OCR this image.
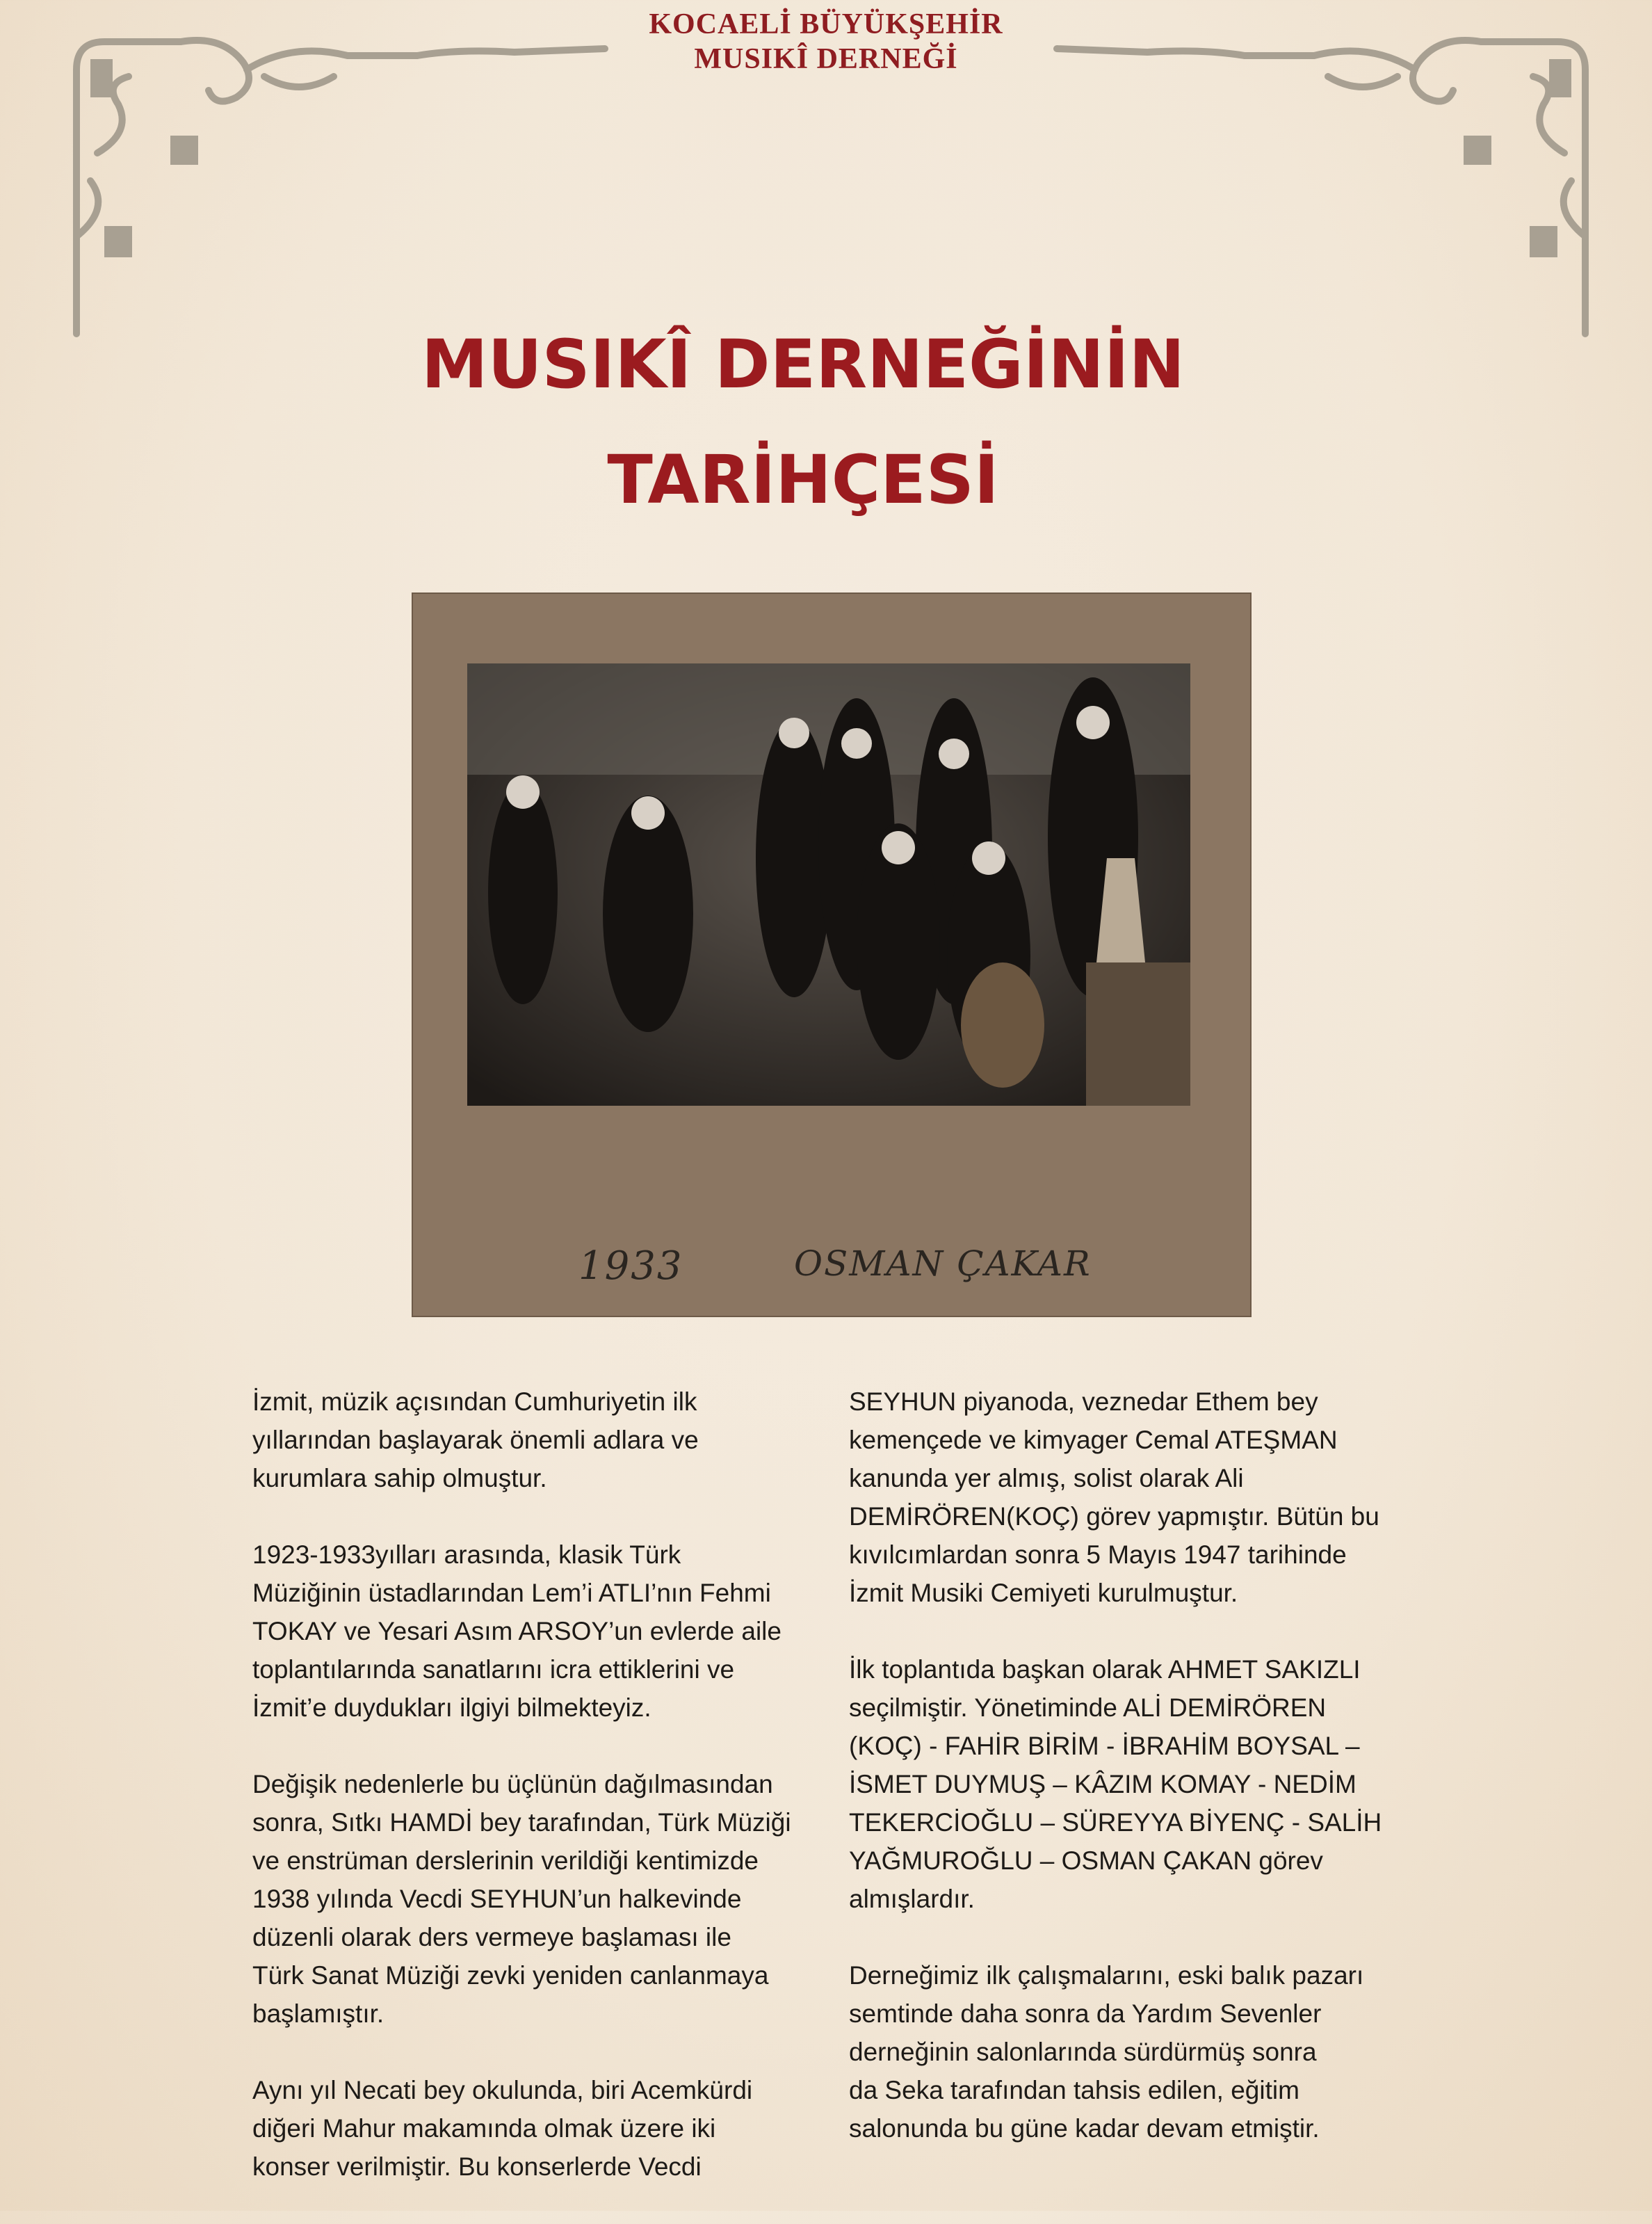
KOCAELİ BÜYÜKŞEHİR
MUSIKÎ DERNEĞİ
MUSIKÎ DERNEĞİNİN
TARİHÇESİ
1933	OSMAN ÇAKAR

İzmit, müzik açısından Cumhuriyetin ilk
yıllarından başlayarak önemli adlara ve
kurumlara sahip olmuştur.

1923-1933yılları arasında, klasik Türk
Müziğinin üstadlarından Lem’i ATLI’nın Fehmi
TOKAY ve Yesari Asım ARSOY’un evlerde aile
toplantılarında sanatlarını icra ettiklerini ve
İzmit’e duydukları ilgiyi bilmekteyiz.

Değişik nedenlerle bu üçlünün dağılmasından
sonra, Sıtkı HAMDİ bey tarafından, Türk Müziği
ve enstrüman derslerinin verildiği kentimizde
1938 yılında Vecdi SEYHUN’un halkevinde
düzenli olarak ders vermeye başlaması ile
Türk Sanat Müziği zevki yeniden canlanmaya
başlamıştır.

Aynı yıl Necati bey okulunda, biri Acemkürdi
diğeri Mahur makamında olmak üzere iki
konser verilmiştir. Bu konserlerde Vecdi

SEYHUN piyanoda, veznedar Ethem bey
kemençede ve kimyager Cemal ATEŞMAN
kanunda yer almış, solist olarak Ali
DEMİRÖREN(KOÇ) görev yapmıştır. Bütün bu
kıvılcımlardan sonra 5 Mayıs 1947 tarihinde
İzmit Musiki Cemiyeti kurulmuştur.

İlk toplantıda başkan olarak AHMET SAKIZLI
seçilmiştir. Yönetiminde ALİ DEMİRÖREN
(KOÇ) - FAHİR BİRİM - İBRAHİM BOYSAL –
İSMET DUYMUŞ – KÂZIM KOMAY - NEDİM
TEKERCİOĞLU – SÜREYYA BİYENÇ - SALİH
YAĞMUROĞLU – OSMAN ÇAKAN görev
almışlardır.

Derneğimiz ilk çalışmalarını, eski balık pazarı
semtinde daha sonra da Yardım Sevenler
derneğinin salonlarında sürdürmüş sonra
da Seka tarafından tahsis edilen, eğitim
salonunda bu güne kadar devam etmiştir.
